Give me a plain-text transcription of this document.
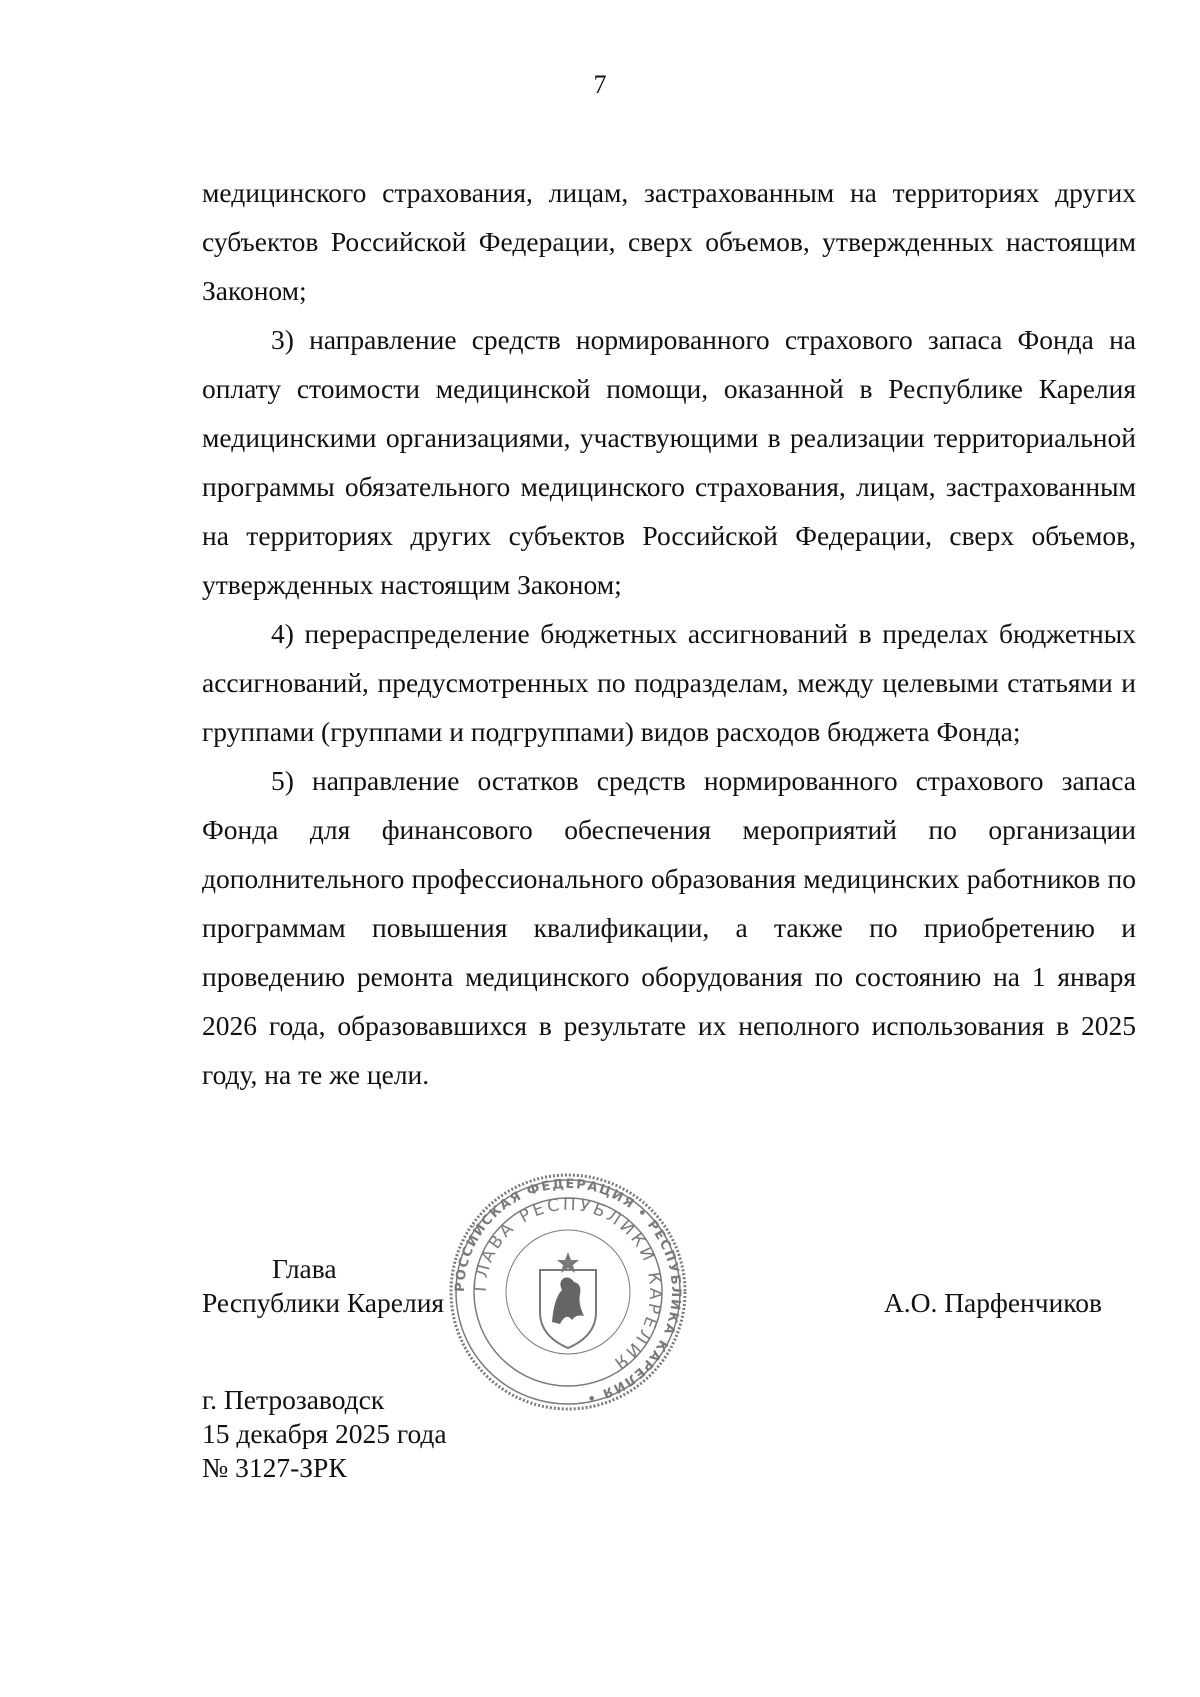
7

медицинского страхования, лицам, застрахованным на территориях других субъектов Российской Федерации, сверх объемов, утвержденных настоящим Законом;

3) направление средств нормированного страхового запаса Фонда на оплату стоимости медицинской помощи, оказанной в Республике Карелия медицинскими организациями, участвующими в реализации территориальной программы обязательного медицинского страхования, лицам, застрахованным на территориях других субъектов Российской Федерации, сверх объемов, утвержденных настоящим Законом;

4) перераспределение бюджетных ассигнований в пределах бюджетных ассигнований, предусмотренных по подразделам, между целевыми статьями и группами (группами и подгруппами) видов расходов бюджета Фонда;

5) направление остатков средств нормированного страхового запаса Фонда для финансового обеспечения мероприятий по организации дополнительного профессионального образования медицинских работников по программам повышения квалификации, а также по приобретению и проведению ремонта медицинского оборудования по состоянию на 1 января 2026 года, образовавшихся в результате их неполного использования в 2025 году, на те же цели.

Глава
Республики Карелия	А.О. Парфенчиков
РОССИЙСКАЯ ФЕДЕРАЦИЯ • РЕСПУБЛИКА КАРЕЛИЯ •
ГЛАВА РЕСПУБЛИКИ КАРЕЛИЯ
г. Петрозаводск
15 декабря 2025 года
№ 3127-ЗРК
